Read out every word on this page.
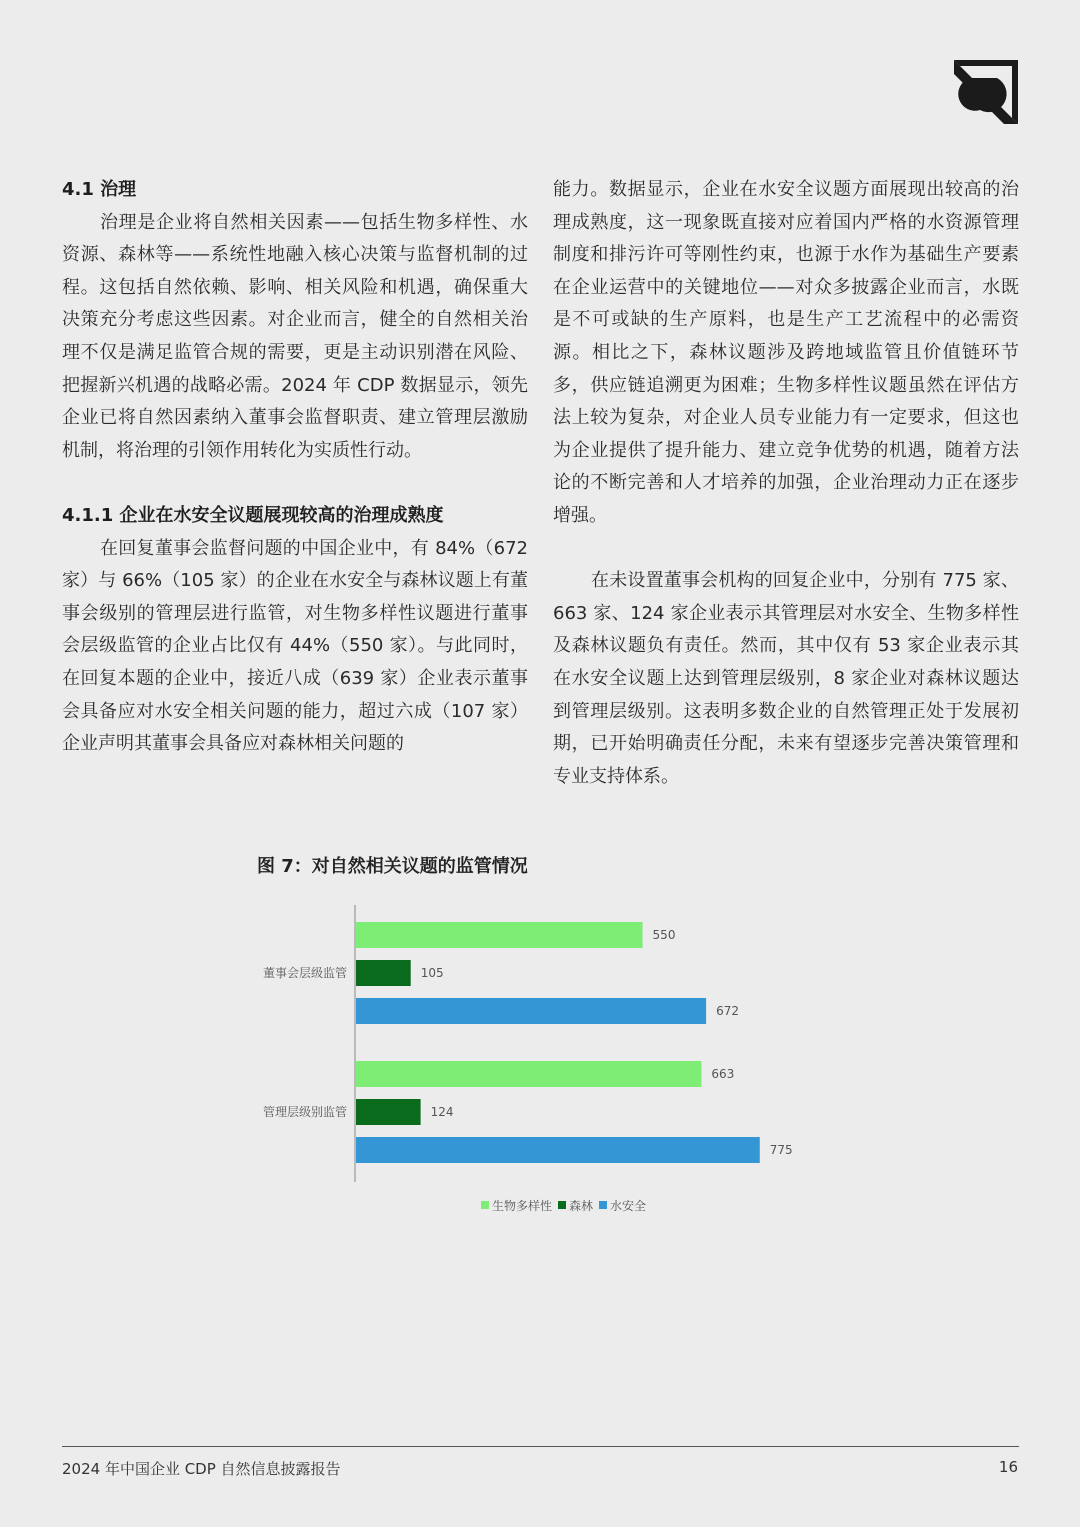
4.1 治理

治理是企业将自然相关因素——包括生物多样性、水资源、森林等——系统性地融入核心决策与监督机制的过程。这包括自然依赖、影响、相关风险和机遇，确保重大决策充分考虑这些因素。对企业而言，健全的自然相关治理不仅是满足监管合规的需要，更是主动识别潜在风险、把握新兴机遇的战略必需。2024 年 CDP 数据显示，领先企业已将自然因素纳入董事会监督职责、建立管理层激励机制，将治理的引领作用转化为实质性行动。

4.1.1 企业在水安全议题展现较高的治理成熟度

在回复董事会监督问题的中国企业中，有 84%（672 家）与 66%（105 家）的企业在水安全与森林议题上有董事会级别的管理层进行监管，对生物多样性议题进行董事会层级监管的企业占比仅有 44%（550 家）。与此同时，在回复本题的企业中，接近八成（639 家）企业表示董事会具备应对水安全相关问题的能力，超过六成（107 家）企业声明其董事会具备应对森林相关问题的

能力。数据显示，企业在水安全议题方面展现出较高的治理成熟度，这一现象既直接对应着国内严格的水资源管理制度和排污许可等刚性约束，也源于水作为基础生产要素在企业运营中的关键地位——对众多披露企业而言，水既是不可或缺的生产原料，也是生产工艺流程中的必需资源。相比之下，森林议题涉及跨地域监管且价值链环节多，供应链追溯更为困难；生物多样性议题虽然在评估方法上较为复杂，对企业人员专业能力有一定要求，但这也为企业提供了提升能力、建立竞争优势的机遇，随着方法论的不断完善和人才培养的加强，企业治理动力正在逐步增强。

在未设置董事会机构的回复企业中，分别有 775 家、663 家、124 家企业表示其管理层对水安全、生物多样性及森林议题负有责任。然而，其中仅有 53 家企业表示其在水安全议题上达到管理层级别，8 家企业对森林议题达到管理层级别。这表明多数企业的自然管理正处于发展初期，已开始明确责任分配，未来有望逐步完善决策管理和专业支持体系。

图 7：对自然相关议题的监管情况

董事会层级监管
550
105
672
管理层级别监管
663
124
775
生物多样性 森林 水安全
2024 年中国企业 CDP 自然信息披露报告	16
